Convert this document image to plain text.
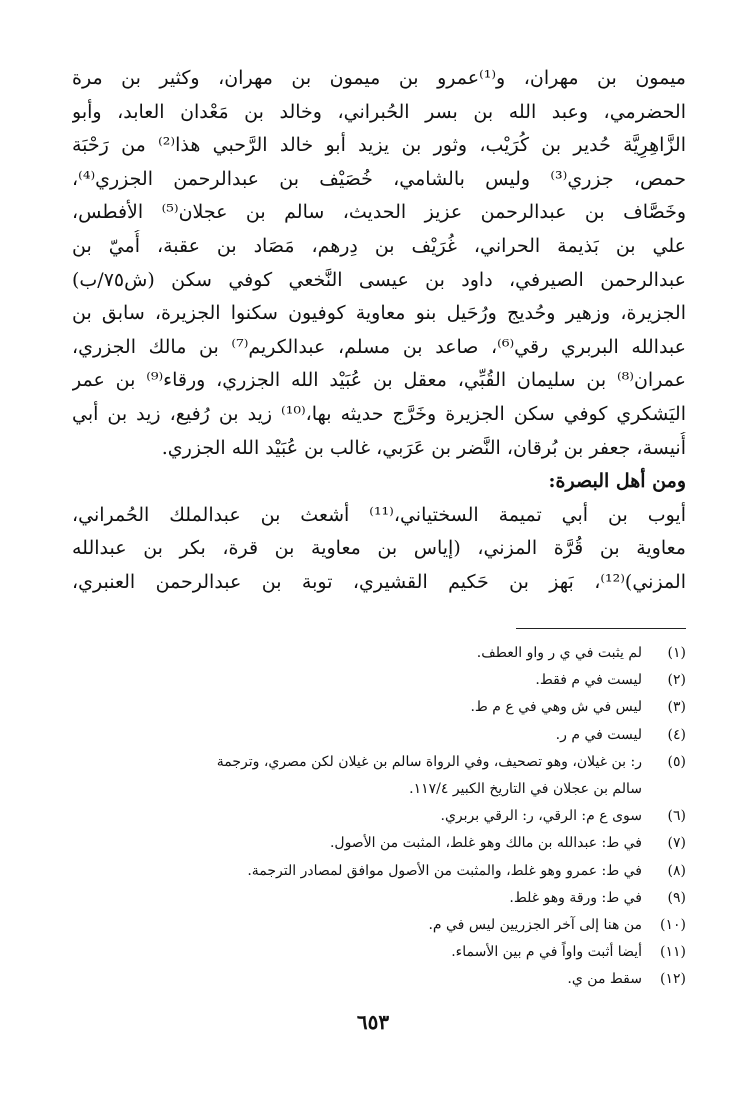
ميمون بن مهران، و⁽¹⁾عمرو بن ميمون بن مهران، وكثير بن مرة
الحضرمي، وعبد الله بن بسر الحُبراني، وخالد بن مَعْدان العابد، وأبو
الزَّاهِرِيَّة حُدير بن كُرَيْب، وثور بن يزيد أبو خالد الرَّحبي هذا⁽²⁾ من رَحْبَة
حمص، جزري⁽³⁾ وليس بالشامي، خُصَيْف بن عبدالرحمن الجزري⁽⁴⁾،
وخَصَّاف بن عبدالرحمن عزيز الحديث، سالم بن عجلان⁽⁵⁾ الأفطس،
علي بن بَذيمة الحراني، غُرَيْف بن دِرهم، مَصَاد بن عقبة، أُميّ بن
عبدالرحمن الصيرفي، داود بن عيسى النَّخعي كوفي سكن (ش٧٥/ب)
الجزيرة، وزهير وحُديج ورُحَيل بنو معاوية كوفيون سكنوا الجزيرة، سابق بن
عبدالله البربري رقي⁽⁶⁾، صاعد بن مسلم، عبدالكريم⁽⁷⁾ بن مالك الجزري،
عمران⁽⁸⁾ بن سليمان القُبِّي، معقل بن عُبَيْد الله الجزري، ورقاء⁽⁹⁾ بن عمر
اليَشكري كوفي سكن الجزيرة وخَرَّج حديثه بها،⁽¹⁰⁾ زيد بن رُفيع، زيد بن أبي
أُنيسة، جعفر بن بُرقان، النَّضر بن عَرَبي، غالب بن عُبَيْد الله الجزري.
ومن أهل البصرة:
أيوب بن أبي تميمة السختياني،⁽¹¹⁾ أشعث بن عبدالملك الحُمراني،
معاوية بن قُرَّة المزني، (إياس بن معاوية بن قرة، بكر بن عبدالله
المزني)⁽¹²⁾، بَهز بن حَكيم القشيري، توبة بن عبدالرحمن العنبري،
(١)
لم يثبت في ي ر واو العطف.
(٢)
ليست في م فقط.
(٣)
ليس في ش وهي في ع م ط.
(٤)
ليست في م ر.
(٥)
ر: بن غيلان، وهو تصحيف، وفي الرواة سالم بن غيلان لكن مصري، وترجمة
سالم بن عجلان في التاريخ الكبير ١١٧/٤.
(٦)
سوى ع م: الرقي، ر: الرقي بربري.
(٧)
في ط: عبدالله بن مالك وهو غلط، المثبت من الأصول.
(٨)
في ط: عمرو وهو غلط، والمثبت من الأصول موافق لمصادر الترجمة.
(٩)
في ط: ورقة وهو غلط.
(١٠)
من هنا إلى آخر الجزريين ليس في م.
(١١)
أيضا أثبت واواً في م بين الأسماء.
(١٢)
سقط من ي.
٦٥٣
